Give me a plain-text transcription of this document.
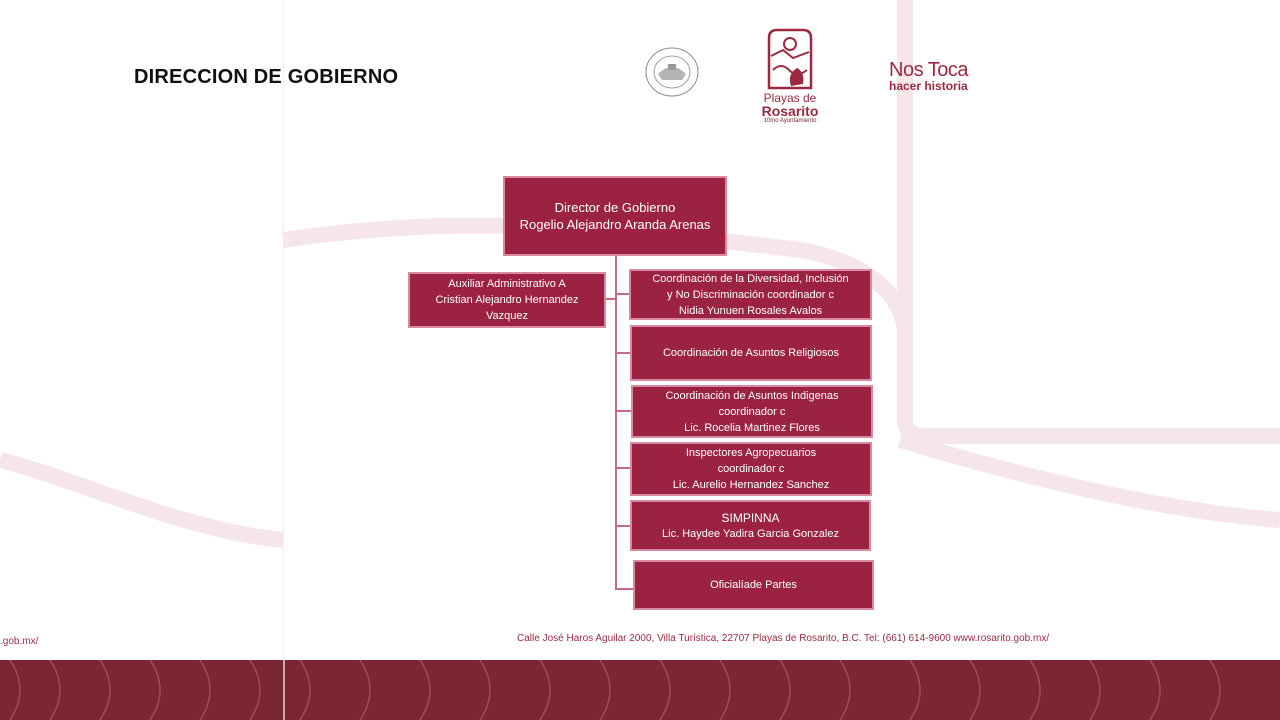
DIRECCION DE GOBIERNO
Playas de
Rosarito
10mo Ayuntamiento
Nos Toca
hacer historia
Director de Gobierno
Rogelio Alejandro Aranda Arenas
Auxiliar Administrativo A
Cristian Alejandro Hernandez
Vazquez
Coordinación de la Diversidad, Inclusión
y No Discriminación coordinador c
Nidia Yunuen Rosales Avalos
Coordinación de Asuntos Religiosos
Coordinación de Asuntos Indigenas
coordinador c
Lic. Rocelia Martinez Flores
Inspectores Agropecuarios
coordinador c
Lic. Aurelio Hernandez Sanchez
SIMPINNA
Lic. Haydee Yadira Garcia Gonzalez
Oficialíade Partes
.gob.mx/	Calle José Haros Aguilar 2000, Villa Turística, 22707 Playas de Rosarito, B.C. Tel: (661) 614-9600 www.rosarito.gob.mx/
